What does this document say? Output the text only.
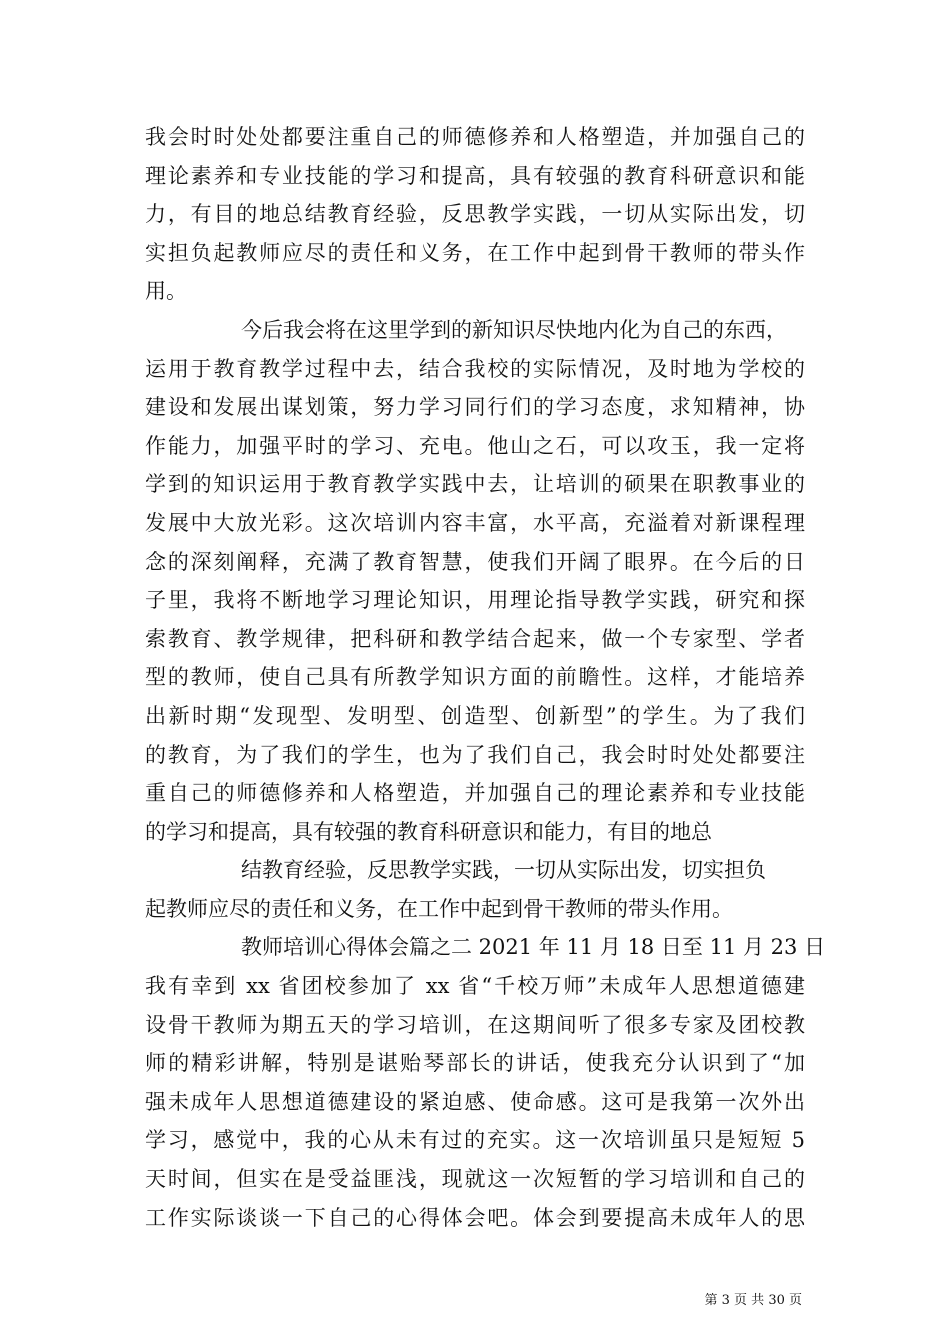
我会时时处处都要注重自己的师德修养和人格塑造，并加强自己的
理论素养和专业技能的学习和提高，具有较强的教育科研意识和能
力，有目的地总结教育经验，反思教学实践，一切从实际出发，切
实担负起教师应尽的责任和义务，在工作中起到骨干教师的带头作
用。
今后我会将在这里学到的新知识尽快地内化为自己的东西，
运用于教育教学过程中去，结合我校的实际情况，及时地为学校的
建设和发展出谋划策，努力学习同行们的学习态度，求知精神，协
作能力，加强平时的学习、充电。他山之石，可以攻玉，我一定将
学到的知识运用于教育教学实践中去，让培训的硕果在职教事业的
发展中大放光彩。这次培训内容丰富，水平高，充溢着对新课程理
念的深刻阐释，充满了教育智慧，使我们开阔了眼界。在今后的日
子里，我将不断地学习理论知识，用理论指导教学实践，研究和探
索教育、教学规律，把科研和教学结合起来，做一个专家型、学者
型的教师，使自己具有所教学知识方面的前瞻性。这样，才能培养
出新时期“发现型、发明型、创造型、创新型”的学生。为了我们
的教育，为了我们的学生，也为了我们自己，我会时时处处都要注
重自己的师德修养和人格塑造，并加强自己的理论素养和专业技能
的学习和提高，具有较强的教育科研意识和能力，有目的地总
结教育经验，反思教学实践，一切从实际出发，切实担负
起教师应尽的责任和义务，在工作中起到骨干教师的带头作用。
教师培训心得体会篇之二 2021 年 11 月 18 日至 11 月 23 日
我有幸到 xx 省团校参加了 xx 省“千校万师”未成年人思想道德建
设骨干教师为期五天的学习培训，在这期间听了很多专家及团校教
师的精彩讲解，特别是谌贻琴部长的讲话，使我充分认识到了“加
强未成年人思想道德建设的紧迫感、使命感。这可是我第一次外出
学习，感觉中，我的心从未有过的充实。这一次培训虽只是短短 5
天时间，但实在是受益匪浅，现就这一次短暂的学习培训和自己的
工作实际谈谈一下自己的心得体会吧。体会到要提高未成年人的思
第 3 页 共 30 页
